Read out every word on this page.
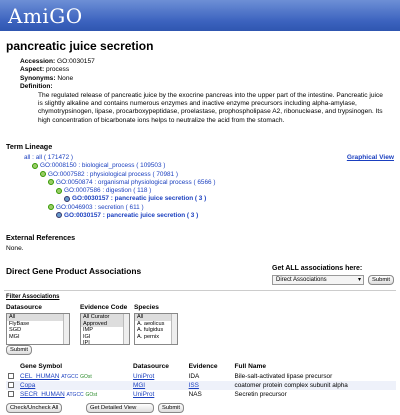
AmiGO
pancreatic juice secretion
Accession: GO:0030157
Aspect: process
Synonyms: None
Definition:
The regulated release of pancreatic juice by the exocrine pancreas into the upper part of the intestine. Pancreatic juice is slightly alkaline and contains numerous enzymes and inactive enzyme precursors including alpha-amylase, chymotrypsinogen, lipase, procarboxypeptidase, proelastase, prophospholipase A2, ribonuclease, and trypsinogen. Its high concentration of bicarbonate ions helps to neutralize the acid from the stomach.
Term Lineage
Graphical View
all : all ( 171472 )
GO:0008150 : biological_process ( 109503 )
GO:0007582 : physiological process ( 70981 )
GO:0050874 : organismal physiological process ( 6566 )
GO:0007586 : digestion ( 118 )
GO:0030157 : pancreatic juice secretion ( 3 )
GO:0046903 : secretion ( 611 )
GO:0030157 : pancreatic juice secretion ( 3 )
External References
None.
Direct Gene Product Associations	Get ALL associations here:
Direct Associations ▾	Submit
Filter Associations
Datasource	Evidence Code Species
All
FlyBase
SGD
MGI
All Curator Approved
IMP
IGI
IPI
All
A. aeolicus
A. fulgidus
A. pernix
Submit
	Gene Symbol	Datasource	Evidence	Full Name
	CEL_HUMAN ATGCC GOst	UniProt	IDA	Bile-salt-activated lipase precursor
	Copa	MGI	ISS	coatomer protein complex subunit alpha
	SECR_HUMAN ATGCC GOst	UniProt	NAS	Secretin precursor
Check/Uncheck All	Get Detailed View	Submit
